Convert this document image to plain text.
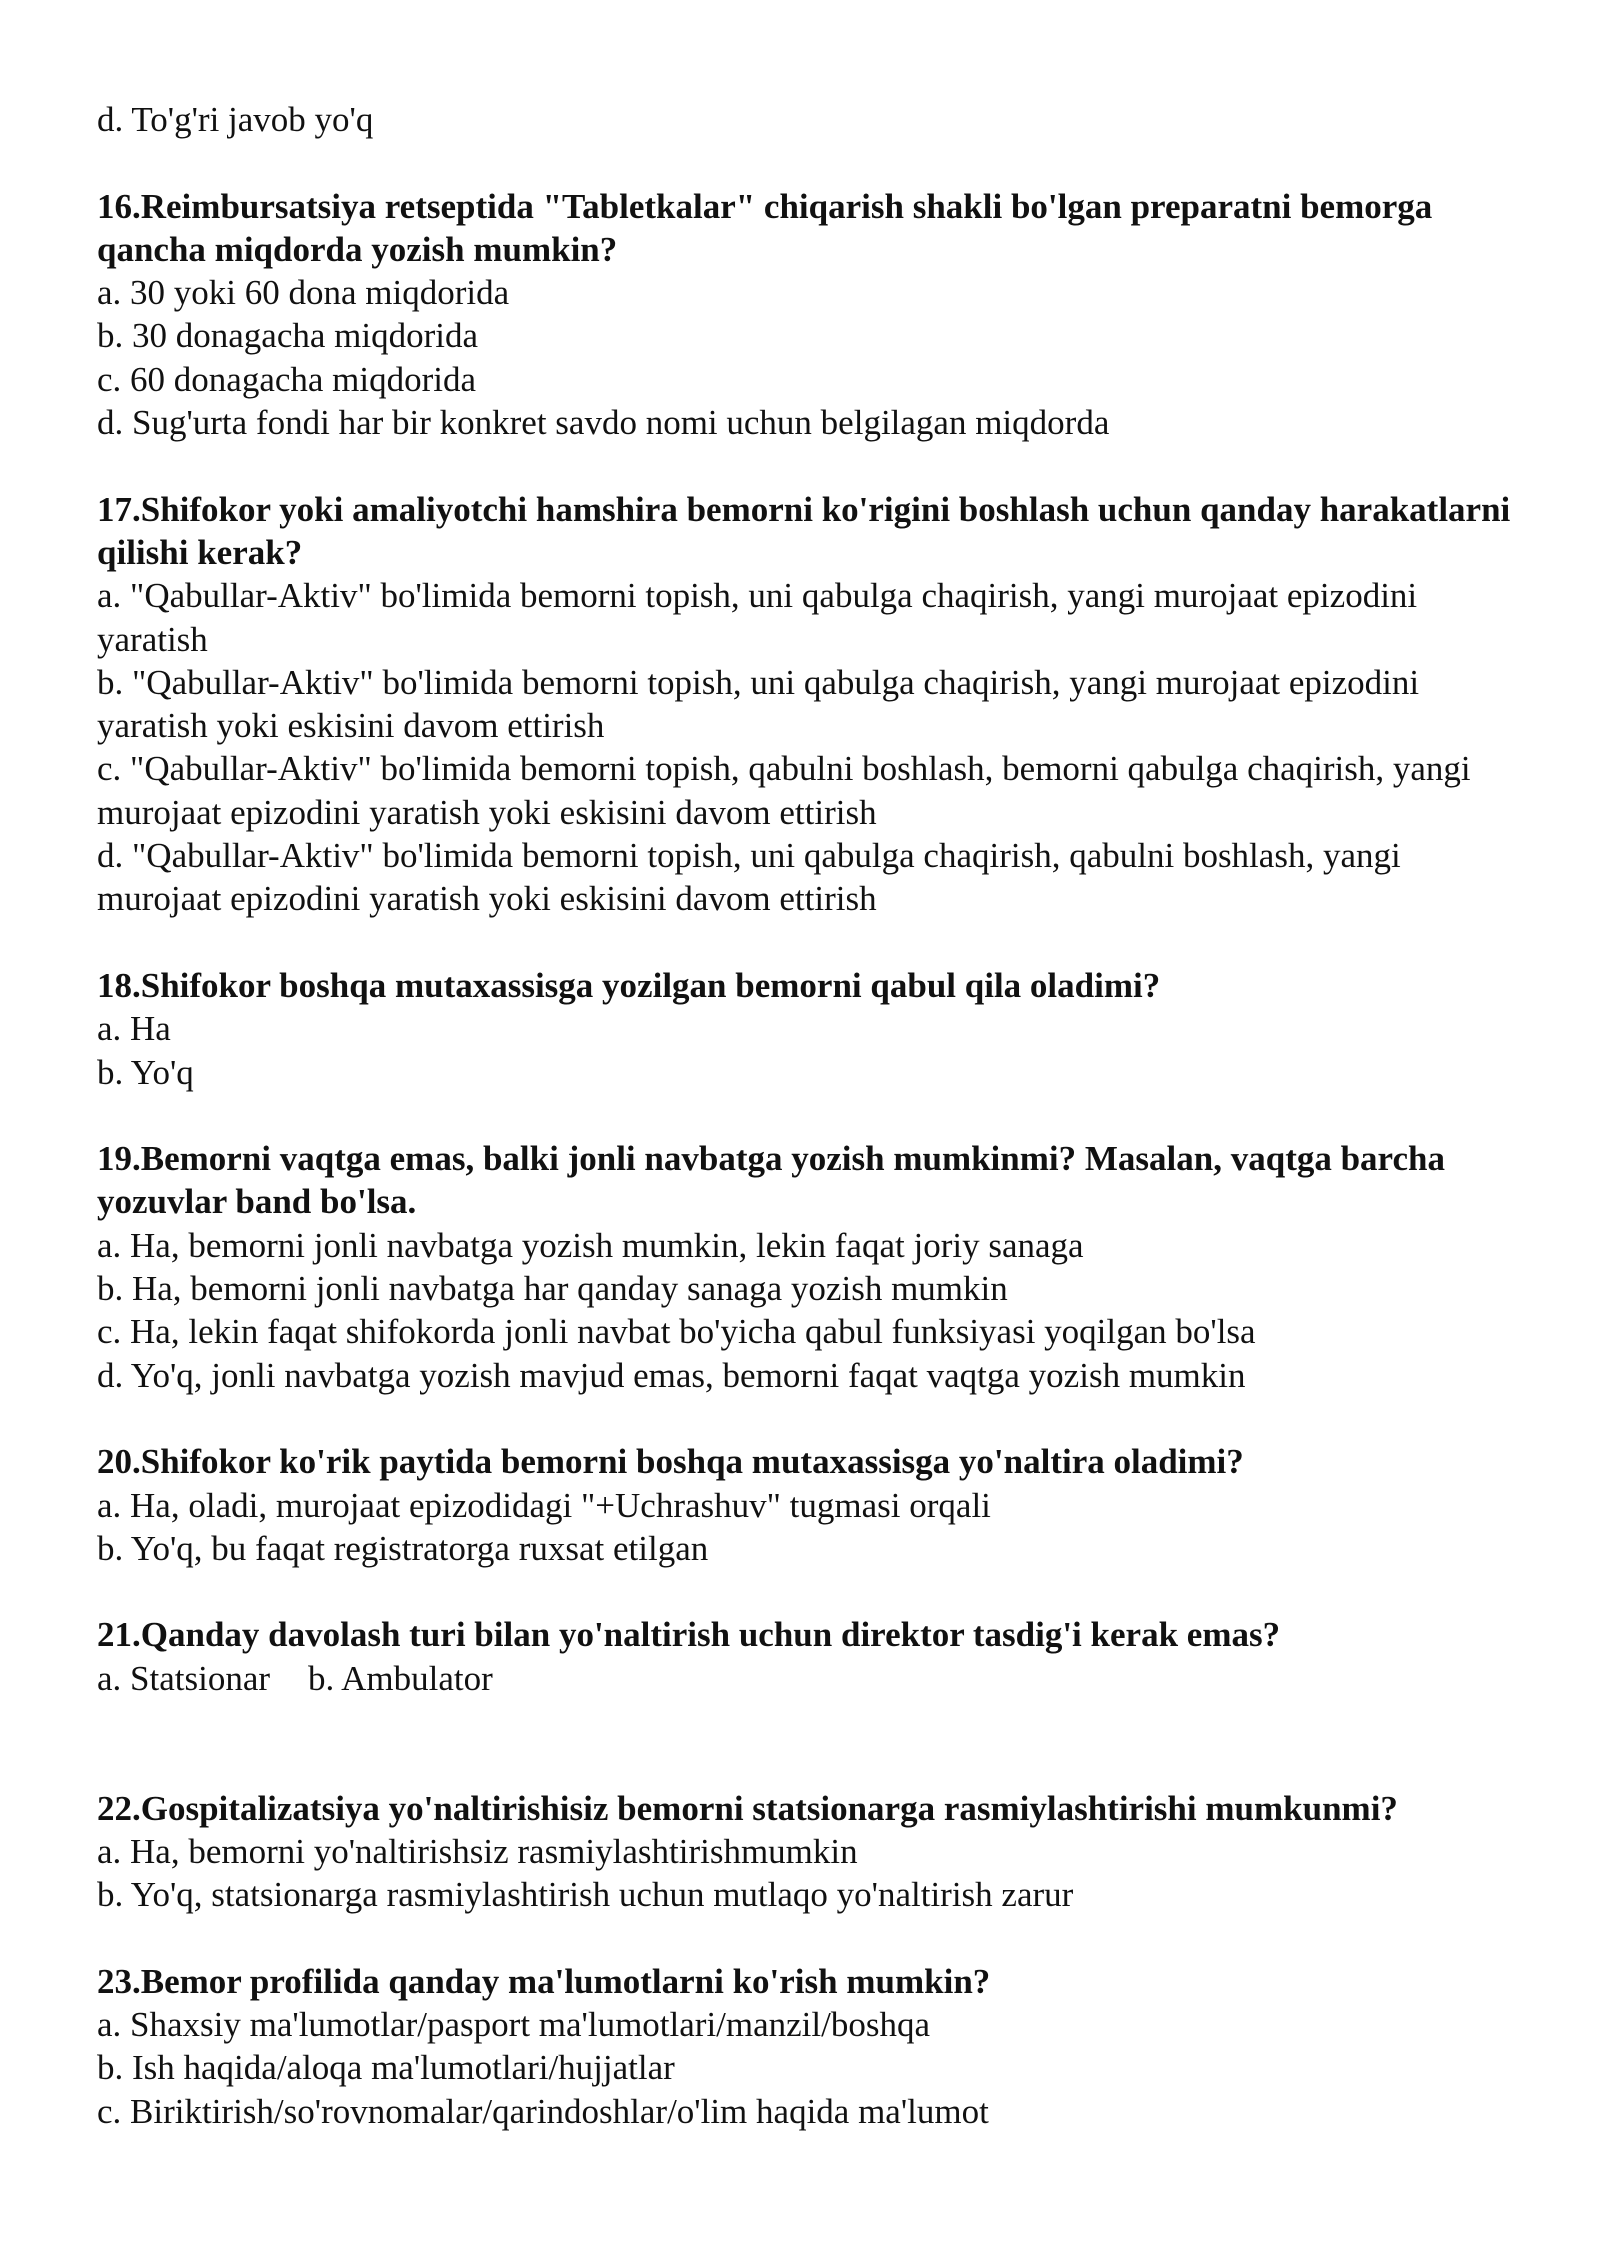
d. To'g'ri javob yo'q
16.Reimbursatsiya retseptida "Tabletkalar" chiqarish shakli bo'lgan preparatni bemorga qancha miqdorda yozish mumkin?
a. 30 yoki 60 dona miqdorida
b. 30 donagacha miqdorida
c. 60 donagacha miqdorida
d. Sug'urta fondi har bir konkret savdo nomi uchun belgilagan miqdorda
17.Shifokor yoki amaliyotchi hamshira bemorni ko'rigini boshlash uchun qanday harakatlarni qilishi kerak?
a. "Qabullar-Aktiv" bo'limida bemorni topish, uni qabulga chaqirish, yangi murojaat epizodini yaratish
b. "Qabullar-Aktiv" bo'limida bemorni topish, uni qabulga chaqirish, yangi murojaat epizodini yaratish yoki eskisini davom ettirish
c. "Qabullar-Aktiv" bo'limida bemorni topish, qabulni boshlash, bemorni qabulga chaqirish, yangi murojaat epizodini yaratish yoki eskisini davom ettirish
d. "Qabullar-Aktiv" bo'limida bemorni topish, uni qabulga chaqirish, qabulni boshlash, yangi murojaat epizodini yaratish yoki eskisini davom ettirish
18.Shifokor boshqa mutaxassisga yozilgan bemorni qabul qila oladimi?
a. Ha
b. Yo'q
19.Bemorni vaqtga emas, balki jonli navbatga yozish mumkinmi? Masalan, vaqtga barcha yozuvlar band bo'lsa.
a. Ha, bemorni jonli navbatga yozish mumkin, lekin faqat joriy sanaga
b. Ha, bemorni jonli navbatga har qanday sanaga yozish mumkin
c. Ha, lekin faqat shifokorda jonli navbat bo'yicha qabul funksiyasi yoqilgan bo'lsa
d. Yo'q, jonli navbatga yozish mavjud emas, bemorni faqat vaqtga yozish mumkin
20.Shifokor ko'rik paytida bemorni boshqa mutaxassisga yo'naltira oladimi?
a. Ha, oladi, murojaat epizodidagi "+Uchrashuv" tugmasi orqali
b. Yo'q, bu faqat registratorga ruxsat etilgan
21.Qanday davolash turi bilan yo'naltirish uchun direktor tasdig'i kerak emas?
a. Statsionar b. Ambulator
22.Gospitalizatsiya yo'naltirishisiz bemorni statsionarga rasmiylashtirishi mumkunmi?
a. Ha, bemorni yo'naltirishsiz rasmiylashtirishmumkin
b. Yo'q, statsionarga rasmiylashtirish uchun mutlaqo yo'naltirish zarur
23.Bemor profilida qanday ma'lumotlarni ko'rish mumkin?
a. Shaxsiy ma'lumotlar/pasport ma'lumotlari/manzil/boshqa
b. Ish haqida/aloqa ma'lumotlari/hujjatlar
c. Biriktirish/so'rovnomalar/qarindoshlar/o'lim haqida ma'lumot
